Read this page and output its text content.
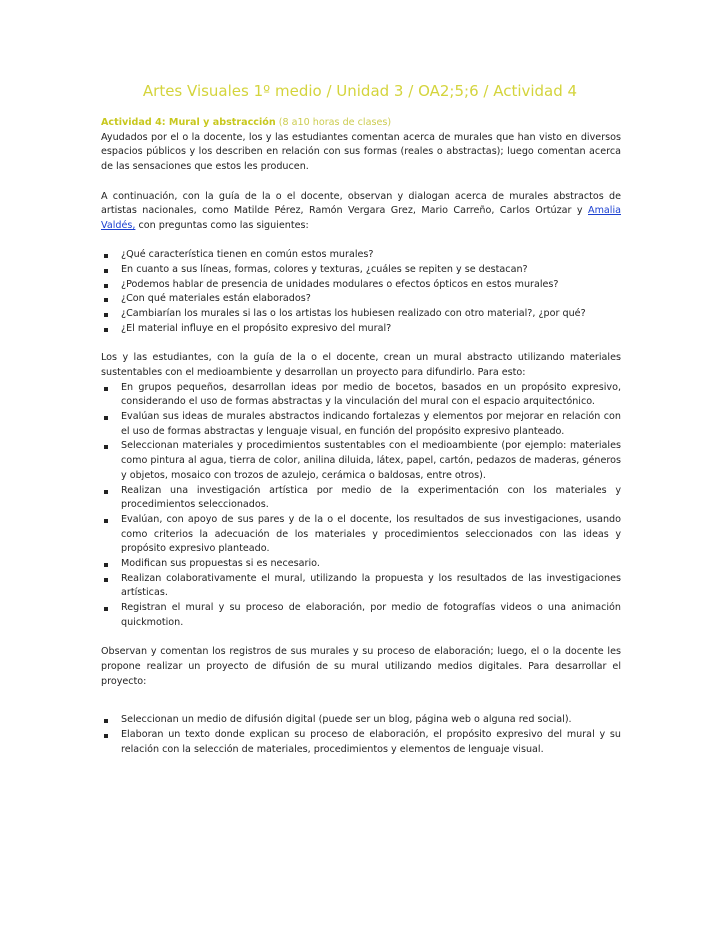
Artes Visuales 1º medio / Unidad 3 / OA2;5;6 / Actividad 4

Actividad 4: Mural y abstracción (8 a10 horas de clases)

Ayudados por el o la docente, los y las estudiantes comentan acerca de murales que han visto en diversos espacios públicos y los describen en relación con sus formas (reales o abstractas); luego comentan acerca de las sensaciones que estos les producen.

A continuación, con la guía de la o el docente, observan y dialogan acerca de murales abstractos de artistas nacionales, como Matilde Pérez, Ramón Vergara Grez, Mario Carreño, Carlos Ortúzar y Amalia Valdés, con preguntas como las siguientes:

¿Qué característica tienen en común estos murales?
En cuanto a sus líneas, formas, colores y texturas, ¿cuáles se repiten y se destacan?
¿Podemos hablar de presencia de unidades modulares o efectos ópticos en estos murales?
¿Con qué materiales están elaborados?
¿Cambiarían los murales si las o los artistas los hubiesen realizado con otro material?, ¿por qué?
¿El material influye en el propósito expresivo del mural?

Los y las estudiantes, con la guía de la o el docente, crean un mural abstracto utilizando materiales sustentables con el medioambiente y desarrollan un proyecto para difundirlo. Para esto:

En grupos pequeños, desarrollan ideas por medio de bocetos, basados en un propósito expresivo, considerando el uso de formas abstractas y la vinculación del mural con el espacio arquitectónico.
Evalúan sus ideas de murales abstractos indicando fortalezas y elementos por mejorar en relación con el uso de formas abstractas y lenguaje visual, en función del propósito expresivo planteado.
Seleccionan materiales y procedimientos sustentables con el medioambiente (por ejemplo: materiales como pintura al agua, tierra de color, anilina diluida, látex, papel, cartón, pedazos de maderas, géneros y objetos, mosaico con trozos de azulejo, cerámica o baldosas, entre otros).
Realizan una investigación artística por medio de la experimentación con los materiales y procedimientos seleccionados.
Evalúan, con apoyo de sus pares y de la o el docente, los resultados de sus investigaciones, usando como criterios la adecuación de los materiales y procedimientos seleccionados con las ideas y propósito expresivo planteado.
Modifican sus propuestas si es necesario.
Realizan colaborativamente el mural, utilizando la propuesta y los resultados de las investigaciones artísticas.
Registran el mural y su proceso de elaboración, por medio de fotografías videos o una animación quickmotion.

Observan y comentan los registros de sus murales y su proceso de elaboración; luego, el o la docente les propone realizar un proyecto de difusión de su mural utilizando medios digitales. Para desarrollar el proyecto:

Seleccionan un medio de difusión digital (puede ser un blog, página web o alguna red social).
Elaboran un texto donde explican su proceso de elaboración, el propósito expresivo del mural y su relación con la selección de materiales, procedimientos y elementos de lenguaje visual.
